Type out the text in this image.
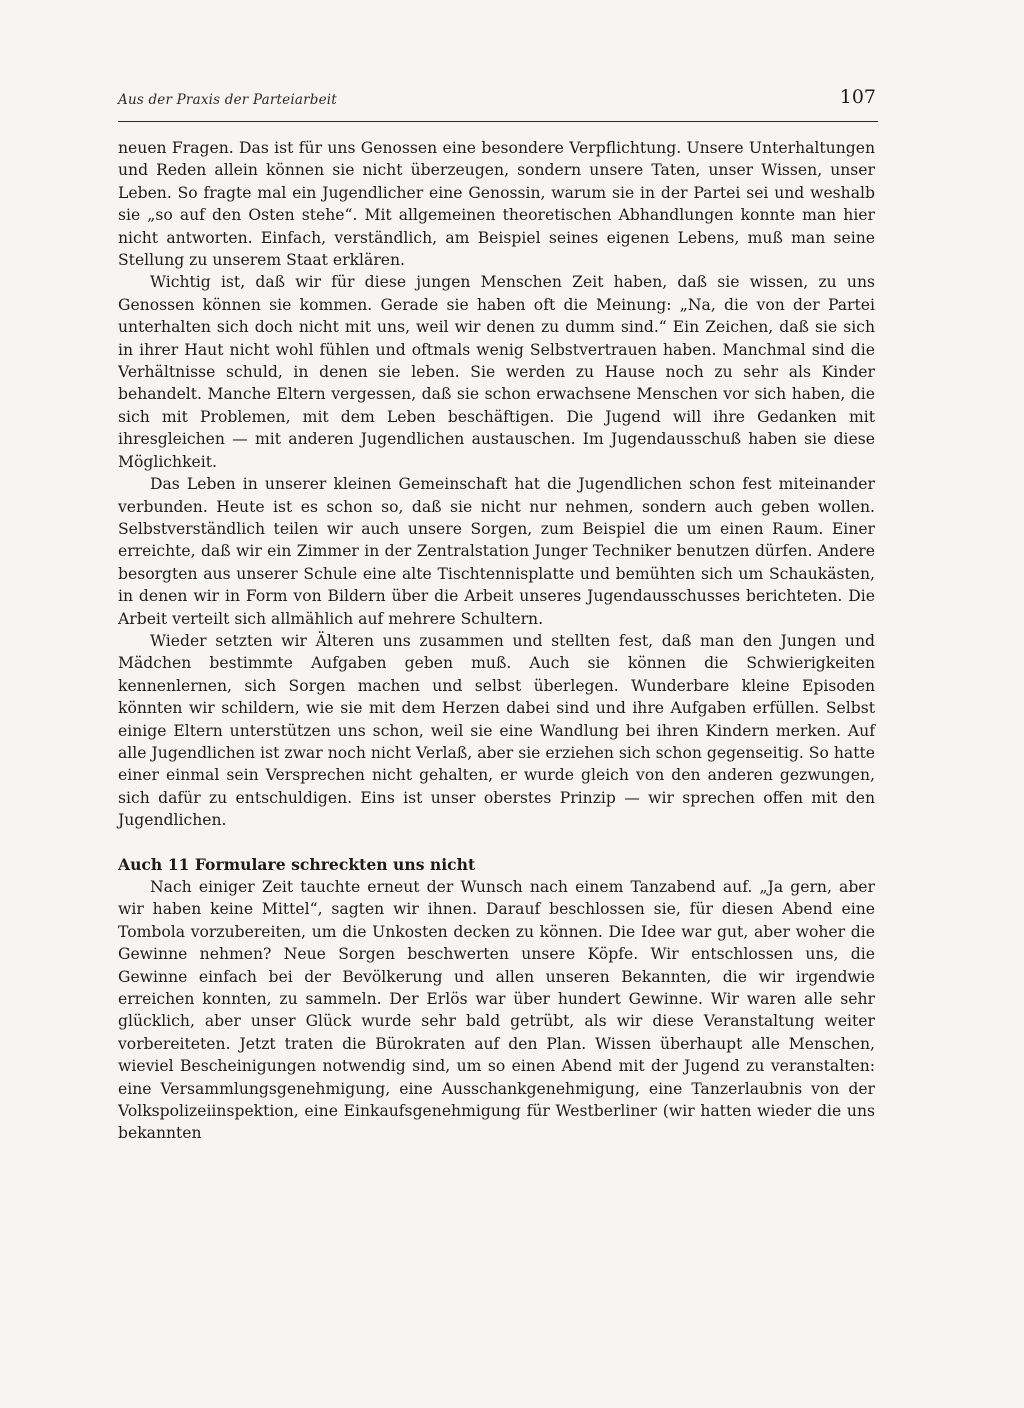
Aus der Praxis der Parteiarbeit	107

neuen Fragen. Das ist für uns Genossen eine besondere Verpflichtung. Unsere Unterhaltungen und Reden allein können sie nicht überzeugen, sondern unsere Taten, unser Wissen, unser Leben. So fragte mal ein Jugendlicher eine Genossin, warum sie in der Partei sei und weshalb sie „so auf den Osten stehe“. Mit allgemeinen theoretischen Abhandlungen konnte man hier nicht antworten. Einfach, verständlich, am Beispiel seines eigenen Lebens, muß man seine Stellung zu unserem Staat erklären.

Wichtig ist, daß wir für diese jungen Menschen Zeit haben, daß sie wissen, zu uns Genossen können sie kommen. Gerade sie haben oft die Meinung: „Na, die von der Partei unterhalten sich doch nicht mit uns, weil wir denen zu dumm sind.“ Ein Zeichen, daß sie sich in ihrer Haut nicht wohl fühlen und oftmals wenig Selbstvertrauen haben. Manchmal sind die Verhältnisse schuld, in denen sie leben. Sie werden zu Hause noch zu sehr als Kinder behandelt. Manche Eltern vergessen, daß sie schon erwachsene Menschen vor sich haben, die sich mit Problemen, mit dem Leben beschäftigen. Die Jugend will ihre Gedanken mit ihresgleichen — mit anderen Jugendlichen austauschen. Im Jugendausschuß haben sie diese Möglichkeit.

Das Leben in unserer kleinen Gemeinschaft hat die Jugendlichen schon fest miteinander verbunden. Heute ist es schon so, daß sie nicht nur nehmen, sondern auch geben wollen. Selbstverständlich teilen wir auch unsere Sorgen, zum Beispiel die um einen Raum. Einer erreichte, daß wir ein Zimmer in der Zentralstation Junger Techniker benutzen dürfen. Andere besorgten aus unserer Schule eine alte Tischtennisplatte und bemühten sich um Schaukästen, in denen wir in Form von Bildern über die Arbeit unseres Jugendausschusses berichteten. Die Arbeit verteilt sich allmählich auf mehrere Schultern.

Wieder setzten wir Älteren uns zusammen und stellten fest, daß man den Jungen und Mädchen bestimmte Aufgaben geben muß. Auch sie können die Schwierigkeiten kennenlernen, sich Sorgen machen und selbst überlegen. Wunderbare kleine Episoden könnten wir schildern, wie sie mit dem Herzen dabei sind und ihre Aufgaben erfüllen. Selbst einige Eltern unterstützen uns schon, weil sie eine Wandlung bei ihren Kindern merken. Auf alle Jugendlichen ist zwar noch nicht Verlaß, aber sie erziehen sich schon gegenseitig. So hatte einer einmal sein Versprechen nicht gehalten, er wurde gleich von den anderen gezwungen, sich dafür zu entschuldigen. Eins ist unser oberstes Prinzip — wir sprechen offen mit den Jugendlichen.

Auch 11 Formulare schreckten uns nicht

Nach einiger Zeit tauchte erneut der Wunsch nach einem Tanzabend auf. „Ja gern, aber wir haben keine Mittel“, sagten wir ihnen. Darauf beschlossen sie, für diesen Abend eine Tombola vorzubereiten, um die Unkosten decken zu können. Die Idee war gut, aber woher die Gewinne nehmen? Neue Sorgen beschwerten unsere Köpfe. Wir entschlossen uns, die Gewinne einfach bei der Bevölkerung und allen unseren Bekannten, die wir irgendwie erreichen konnten, zu sammeln. Der Erlös war über hundert Gewinne. Wir waren alle sehr glücklich, aber unser Glück wurde sehr bald getrübt, als wir diese Veranstaltung weiter vorbereiteten. Jetzt traten die Bürokraten auf den Plan. Wissen überhaupt alle Menschen, wieviel Bescheinigungen notwendig sind, um so einen Abend mit der Jugend zu veranstalten: eine Versammlungsgenehmigung, eine Ausschankgenehmigung, eine Tanzerlaubnis von der Volkspolizeiinspektion, eine Einkaufsgenehmigung für Westberliner (wir hatten wieder die uns bekannten
